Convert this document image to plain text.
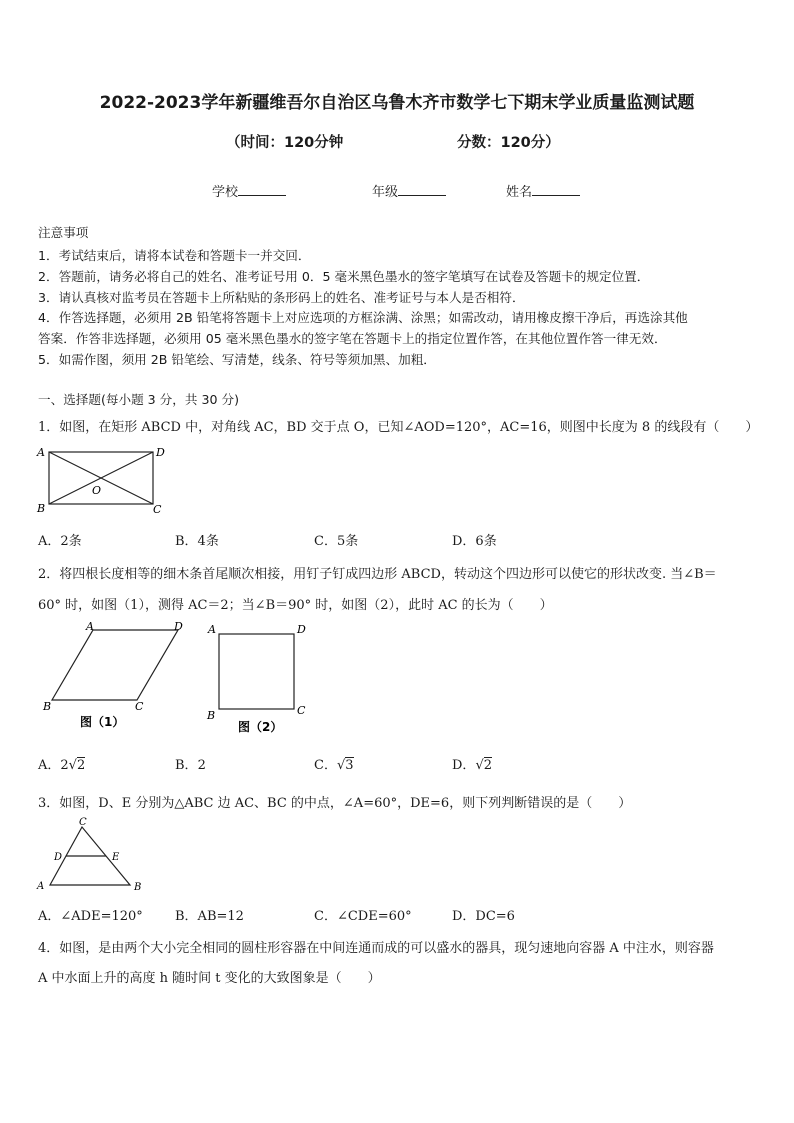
2022-2023学年新疆维吾尔自治区乌鲁木齐市数学七下期末学业质量监测试题
（时间：120分钟	分数：120分）
学校	年级	姓名
注意事项
1．考试结束后，请将本试卷和答题卡一并交回．
2．答题前，请务必将自己的姓名、准考证号用 0．5 毫米黑色墨水的签字笔填写在试卷及答题卡的规定位置．
3．请认真核对监考员在答题卡上所粘贴的条形码上的姓名、准考证号与本人是否相符．
4．作答选择题，必须用 2B 铅笔将答题卡上对应选项的方框涂满、涂黑；如需改动，请用橡皮擦干净后，再选涂其他
答案．作答非选择题，必须用 05 毫米黑色墨水的签字笔在答题卡上的指定位置作答，在其他位置作答一律无效．
5．如需作图，须用 2B 铅笔绘、写清楚，线条、符号等须加黑、加粗．
一、选择题(每小题 3 分，共 30 分)
1．如图，在矩形 ABCD 中，对角线 AC，BD 交于点 O，已知∠AOD=120°，AC=16，则图中长度为 8 的线段有（　　）
A	D
B	C
O
A．2条	B．4条	C．5条	D．6条
2．将四根长度相等的细木条首尾顺次相接，用钉子钉成四边形 ABCD，转动这个四边形可以使它的形状改变. 当∠B＝
60° 时，如图（1），测得 AC＝2；当∠B＝90° 时，如图（2），此时 AC 的长为（　　）
A	D
B	C
图（1）
A	D
B	C
图（2）
A．2√2	B．2	C．√3	D．√2
3．如图，D、E 分别为△ABC 边 AC、BC 的中点，∠A=60°，DE=6，则下列判断错误的是（　　）
C
D	E
A	B
A．∠ADE=120° B．AB=12	C．∠CDE=60°	D．DC=6
4．如图，是由两个大小完全相同的圆柱形容器在中间连通而成的可以盛水的器具，现匀速地向容器 A 中注水，则容器
A 中水面上升的高度 h 随时间 t 变化的大致图象是（　　）
